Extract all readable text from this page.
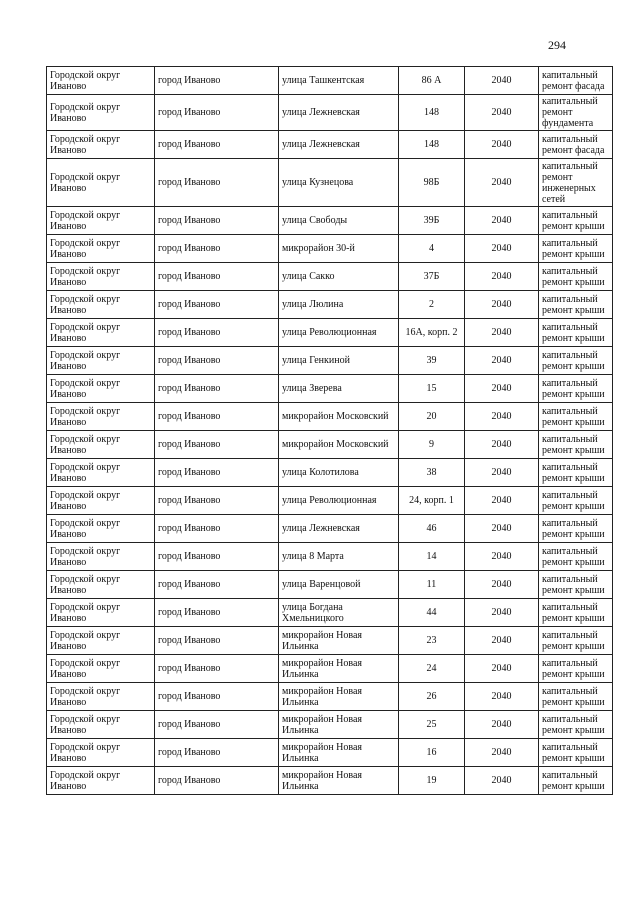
294
Городской округ Иваново	город Иваново	улица Ташкентская	86 А	2040	капитальный ремонт фасада
Городской округ Иваново	город Иваново	улица Лежневская	148	2040	капитальный ремонт фундамента
Городской округ Иваново	город Иваново	улица Лежневская	148	2040	капитальный ремонт фасада
Городской округ Иваново	город Иваново	улица Кузнецова	98Б	2040	капитальный ремонт инженерных сетей
Городской округ Иваново	город Иваново	улица Свободы	39Б	2040	капитальный ремонт крыши
Городской округ Иваново	город Иваново	микрорайон 30-й	4	2040	капитальный ремонт крыши
Городской округ Иваново	город Иваново	улица Сакко	37Б	2040	капитальный ремонт крыши
Городской округ Иваново	город Иваново	улица Люлина	2	2040	капитальный ремонт крыши
Городской округ Иваново	город Иваново	улица Революционная	16А, корп. 2	2040	капитальный ремонт крыши
Городской округ Иваново	город Иваново	улица Генкиной	39	2040	капитальный ремонт крыши
Городской округ Иваново	город Иваново	улица Зверева	15	2040	капитальный ремонт крыши
Городской округ Иваново	город Иваново	микрорайон Московский	20	2040	капитальный ремонт крыши
Городской округ Иваново	город Иваново	микрорайон Московский	9	2040	капитальный ремонт крыши
Городской округ Иваново	город Иваново	улица Колотилова	38	2040	капитальный ремонт крыши
Городской округ Иваново	город Иваново	улица Революционная	24, корп. 1	2040	капитальный ремонт крыши
Городской округ Иваново	город Иваново	улица Лежневская	46	2040	капитальный ремонт крыши
Городской округ Иваново	город Иваново	улица 8 Марта	14	2040	капитальный ремонт крыши
Городской округ Иваново	город Иваново	улица Варенцовой	11	2040	капитальный ремонт крыши
Городской округ Иваново	город Иваново	улица Богдана Хмельницкого	44	2040	капитальный ремонт крыши
Городской округ Иваново	город Иваново	микрорайон Новая Ильинка	23	2040	капитальный ремонт крыши
Городской округ Иваново	город Иваново	микрорайон Новая Ильинка	24	2040	капитальный ремонт крыши
Городской округ Иваново	город Иваново	микрорайон Новая Ильинка	26	2040	капитальный ремонт крыши
Городской округ Иваново	город Иваново	микрорайон Новая Ильинка	25	2040	капитальный ремонт крыши
Городской округ Иваново	город Иваново	микрорайон Новая Ильинка	16	2040	капитальный ремонт крыши
Городской округ Иваново	город Иваново	микрорайон Новая Ильинка	19	2040	капитальный ремонт крыши
